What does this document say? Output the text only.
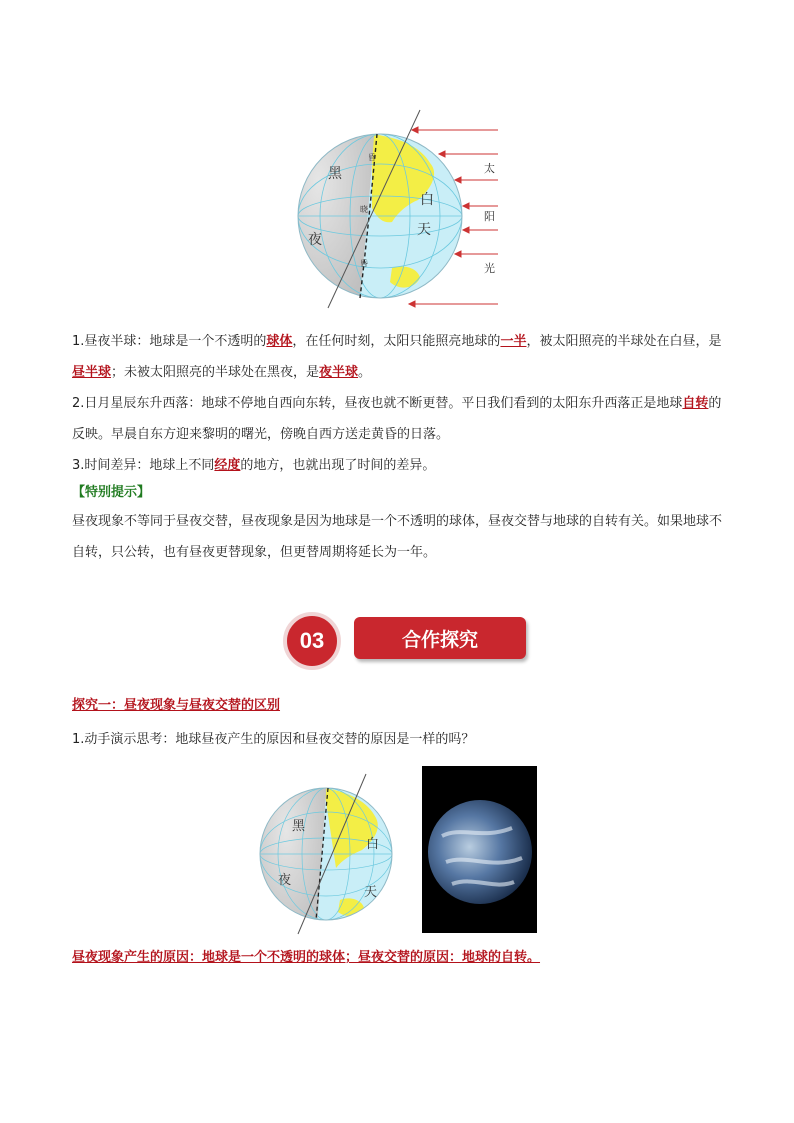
黑
夜
白
天
昏
晓
昏
太
阳
光
1.昼夜半球：地球是一个不透明的球体，在任何时刻，太阳只能照亮地球的一半，被太阳照亮的半球处在白昼，是昼半球；未被太阳照亮的半球处在黑夜，是夜半球。
2.日月星辰东升西落：地球不停地自西向东转，昼夜也就不断更替。平日我们看到的太阳东升西落正是地球自转的反映。早晨自东方迎来黎明的曙光，傍晚自西方送走黄昏的日落。
3.时间差异：地球上不同经度的地方，也就出现了时间的差异。
【特别提示】
昼夜现象不等同于昼夜交替，昼夜现象是因为地球是一个不透明的球体，昼夜交替与地球的自转有关。如果地球不自转，只公转，也有昼夜更替现象，但更替周期将延长为一年。
03	合作探究
探究一：昼夜现象与昼夜交替的区别
1.动手演示思考：地球昼夜产生的原因和昼夜交替的原因是一样的吗？
黑
夜
白
天
昼夜现象产生的原因：地球是一个不透明的球体；昼夜交替的原因：地球的自转。
